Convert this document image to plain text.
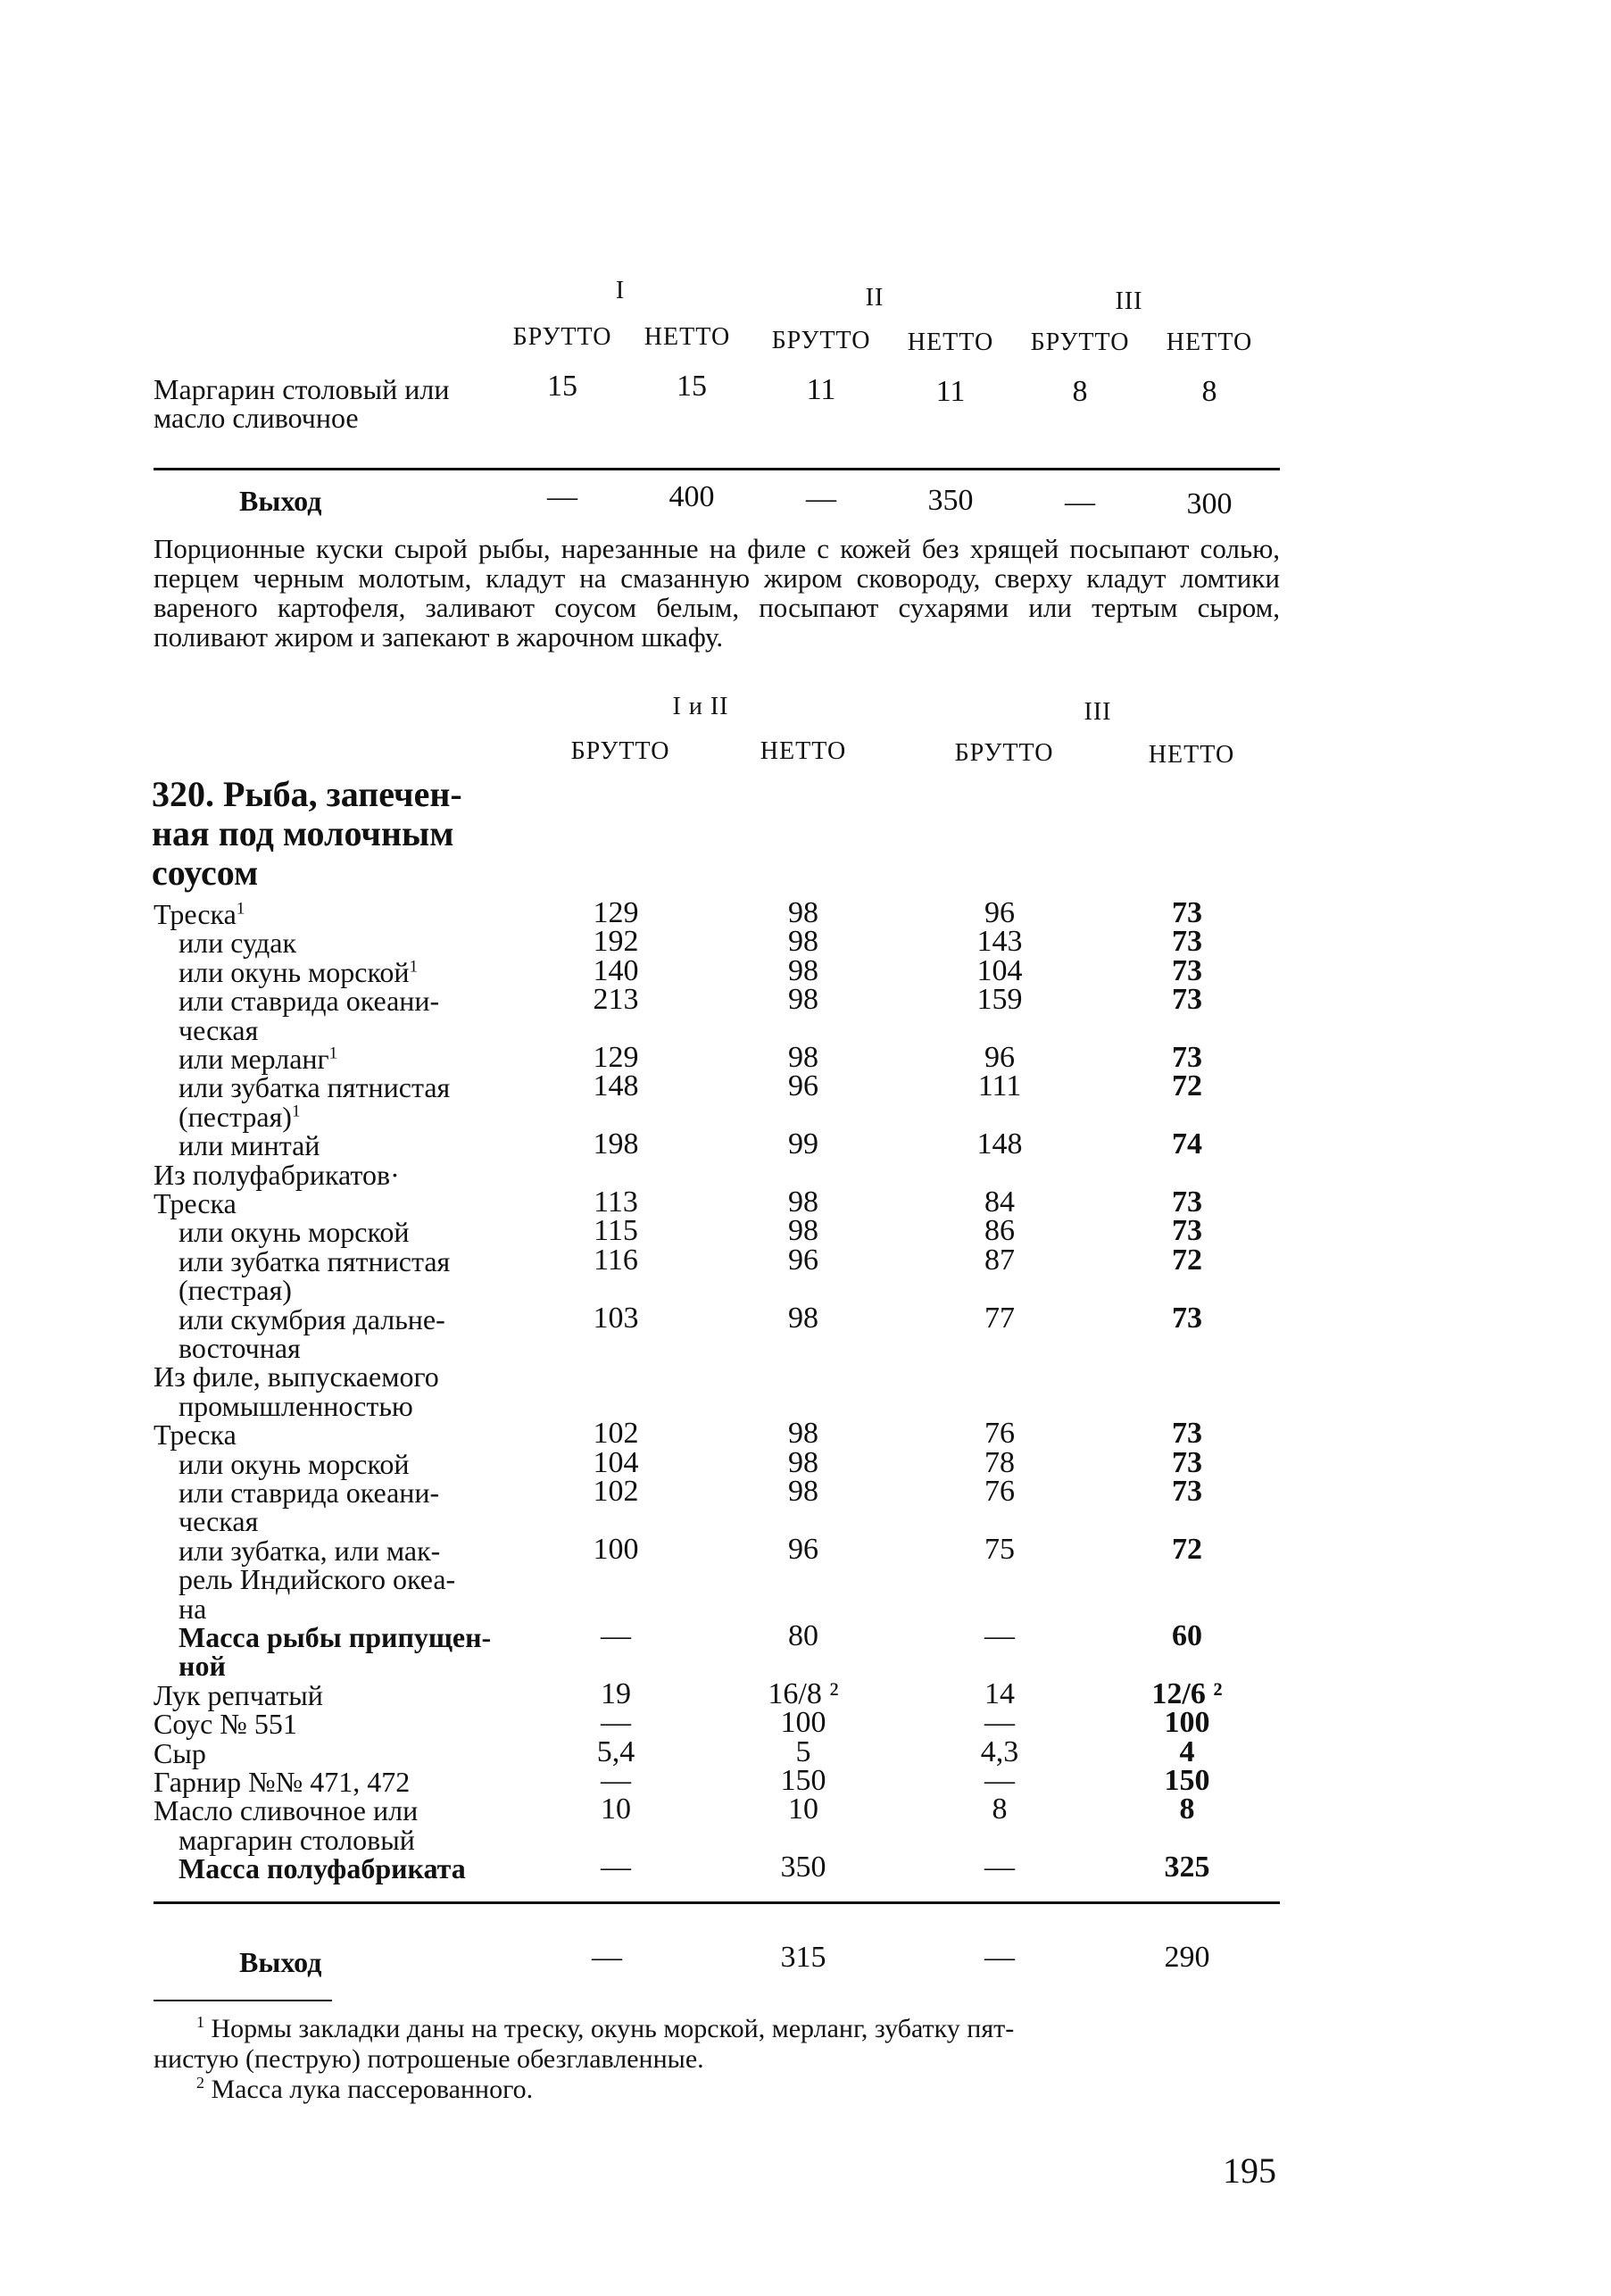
I	II	III
БРУТТО	НЕТТО	БРУТТО	НЕТТО	БРУТТО	НЕТТО
Маргарин столовый или
масло сливочное
15	15	11	11	8	8
Выход	—	400	—	350	—	300
Порционные куски сырой рыбы, нарезанные на филе с кожей без хрящей посыпают солью, перцем черным молотым, кладут на смазанную жиром сковороду, сверху кладут ломтики вареного картофеля, заливают соусом белым, посыпают сухарями или тертым сыром, поливают жиром и запекают в жарочном шкафу.
I и II	III
БРУТТО	НЕТТО	БРУТТО	НЕТТО
320. Рыба, запечен-
ная под молочным
соусом
Треска$^1$	129	98	96	73
или судак	192	98	143	73
или окунь морской$^1$	140	98	104	73
или ставрида океани-	213	98	159	73
ческая
или мерланг$^1$	129	98	96	73
или зубатка пятнистая	148	96	111	72
(пестрая)$^1$
или минтай	198	99	148	74
Из полуфабрикатов·
Треска	113	98	84	73
или окунь морской	115	98	86	73
или зубатка пятнистая	116	96	87	72
(пестрая)
или скумбрия дальне-	103	98	77	73
восточная
Из филе, выпускаемого
промышленностью
Треска	102	98	76	73
или окунь морской	104	98	78	73
или ставрида океани-	102	98	76	73
ческая
или зубатка, или мак-	100	96	75	72
рель Индийского океа-
на
Масса рыбы припущен-	—	80	—	60
ной
Лук репчатый	19	16/8 ²	14	12/6 ²
Соус № 551	—	100	—	100
Сыр	5,4	5	4,3	4
Гарнир №№ 471, 472	—	150	—	150
Масло сливочное или	10	10	8	8
маргарин столовый
Масса полуфабриката	—	350	—	325
Выход	—	315	—	290
$^1$ Нормы закладки даны на треску, окунь морской, мерланг, зубатку пят-
нистую (пеструю) потрошеные обезглавленные.
$^2$ Масса лука пассерованного.
195
